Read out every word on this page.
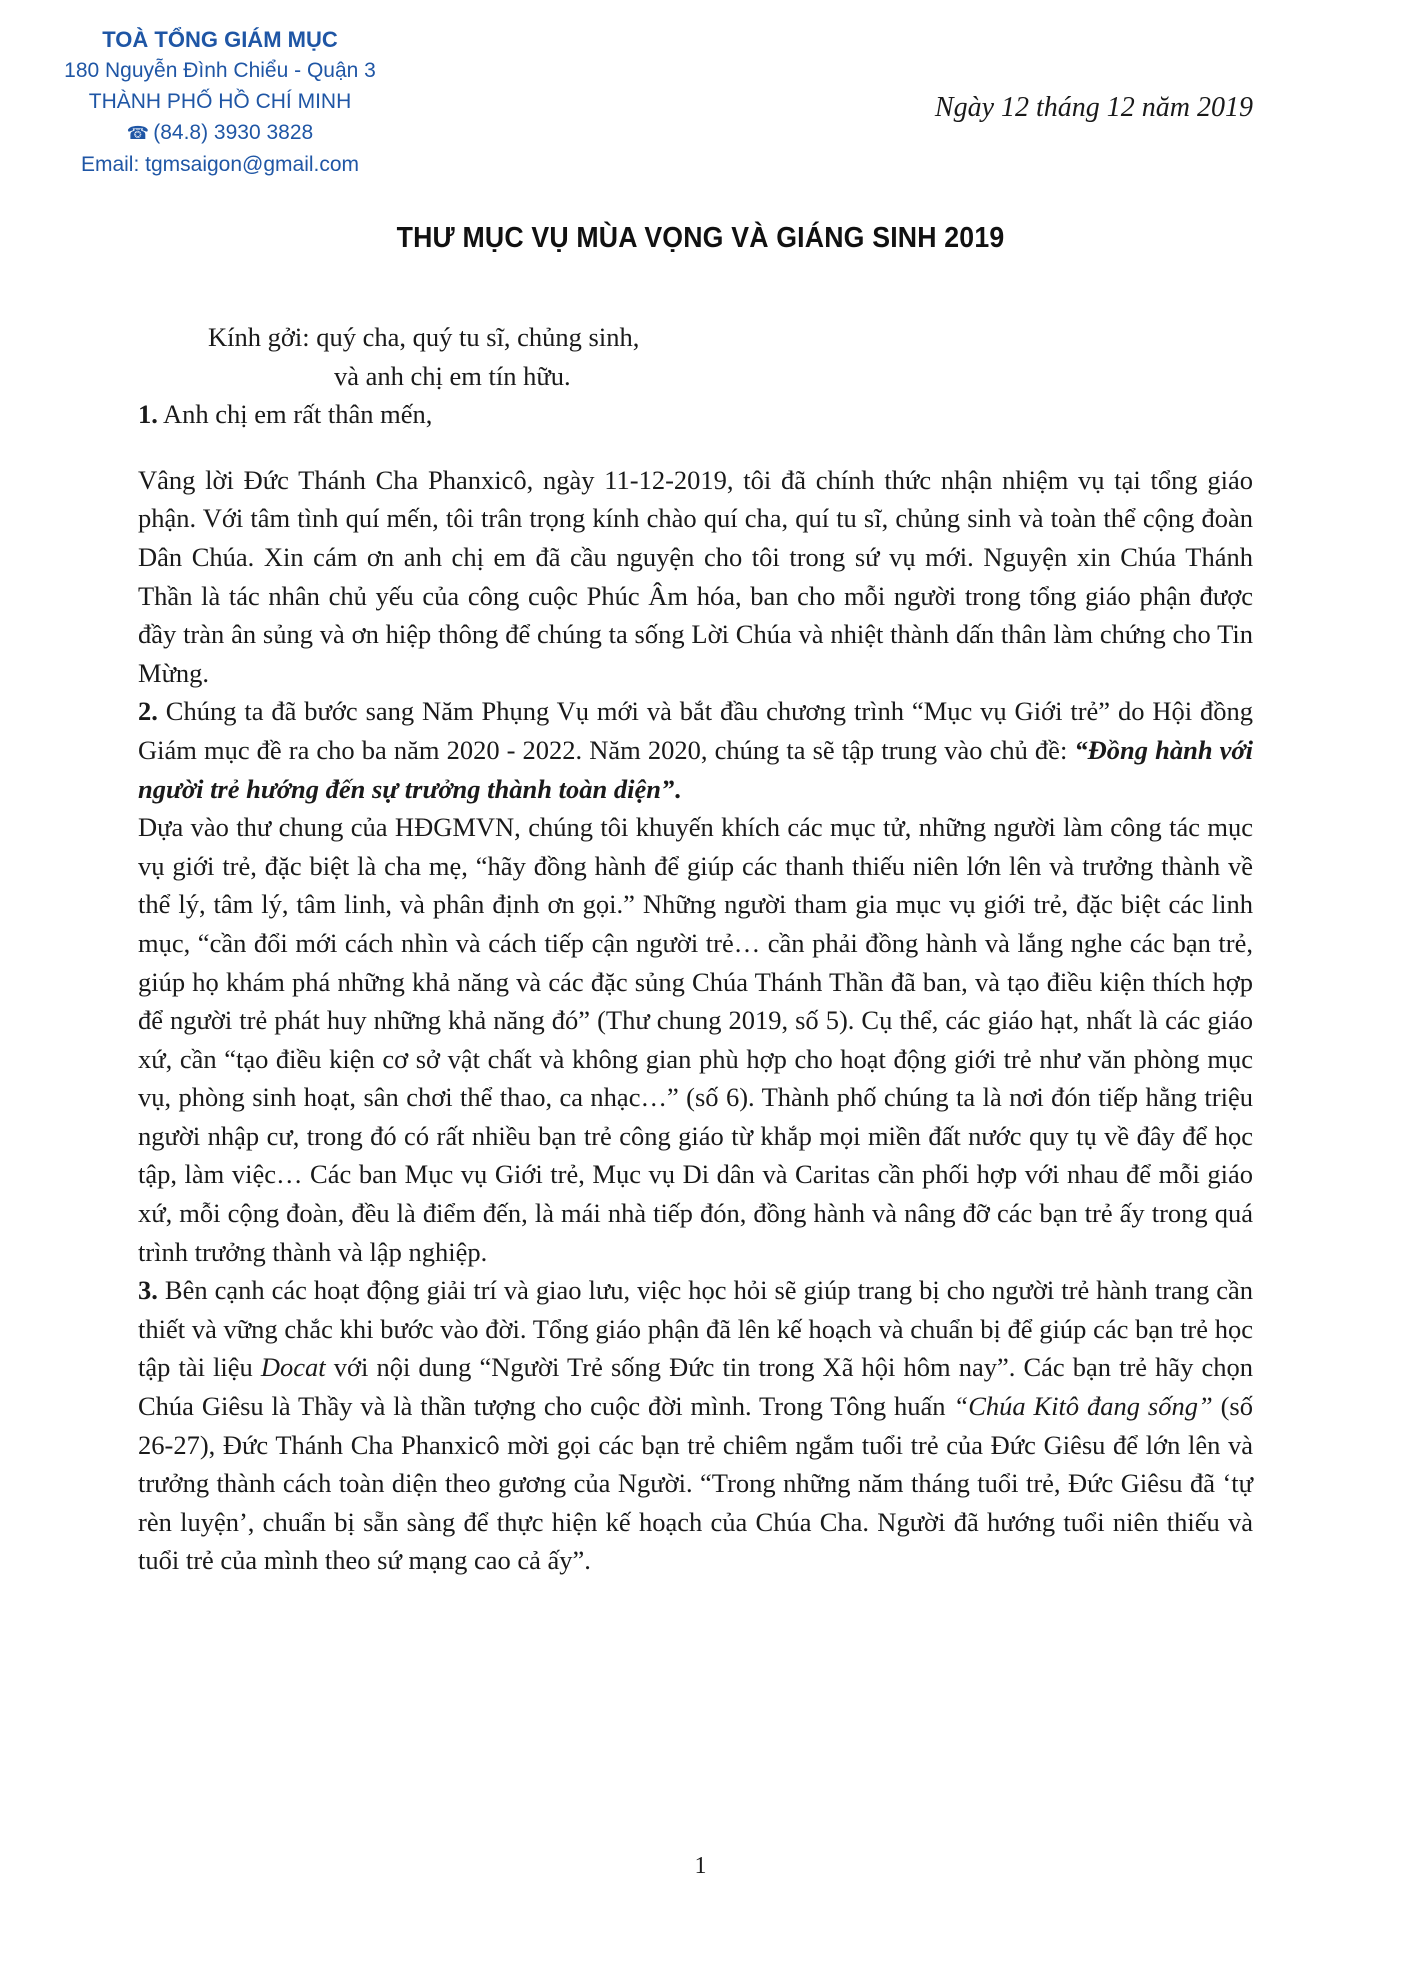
TOÀ TỔNG GIÁM MỤC
180 Nguyễn Đình Chiểu - Quận 3
THÀNH PHỐ HỒ CHÍ MINH
☎ (84.8) 3930 3828
Email: tgmsaigon@gmail.com
Ngày 12 tháng 12 năm 2019
THƯ MỤC VỤ MÙA VỌNG VÀ GIÁNG SINH 2019

Kính gởi: quý cha, quý tu sĩ, chủng sinh,

và anh chị em tín hữu.

1. Anh chị em rất thân mến,

Vâng lời Đức Thánh Cha Phanxicô, ngày 11-12-2019, tôi đã chính thức nhận nhiệm vụ tại tổng giáo phận. Với tâm tình quí mến, tôi trân trọng kính chào quí cha, quí tu sĩ, chủng sinh và toàn thể cộng đoàn Dân Chúa. Xin cám ơn anh chị em đã cầu nguyện cho tôi trong sứ vụ mới. Nguyện xin Chúa Thánh Thần là tác nhân chủ yếu của công cuộc Phúc Âm hóa, ban cho mỗi người trong tổng giáo phận được đầy tràn ân sủng và ơn hiệp thông để chúng ta sống Lời Chúa và nhiệt thành dấn thân làm chứng cho Tin Mừng.

2. Chúng ta đã bước sang Năm Phụng Vụ mới và bắt đầu chương trình “Mục vụ Giới trẻ” do Hội đồng Giám mục đề ra cho ba năm 2020 - 2022. Năm 2020, chúng ta sẽ tập trung vào chủ đề: “Đồng hành với người trẻ hướng đến sự trưởng thành toàn diện”.

Dựa vào thư chung của HĐGMVN, chúng tôi khuyến khích các mục tử, những người làm công tác mục vụ giới trẻ, đặc biệt là cha mẹ, “hãy đồng hành để giúp các thanh thiếu niên lớn lên và trưởng thành về thể lý, tâm lý, tâm linh, và phân định ơn gọi.” Những người tham gia mục vụ giới trẻ, đặc biệt các linh mục, “cần đổi mới cách nhìn và cách tiếp cận người trẻ… cần phải đồng hành và lắng nghe các bạn trẻ, giúp họ khám phá những khả năng và các đặc sủng Chúa Thánh Thần đã ban, và tạo điều kiện thích hợp để người trẻ phát huy những khả năng đó” (Thư chung 2019, số 5). Cụ thể, các giáo hạt, nhất là các giáo xứ, cần “tạo điều kiện cơ sở vật chất và không gian phù hợp cho hoạt động giới trẻ như văn phòng mục vụ, phòng sinh hoạt, sân chơi thể thao, ca nhạc…” (số 6). Thành phố chúng ta là nơi đón tiếp hằng triệu người nhập cư, trong đó có rất nhiều bạn trẻ công giáo từ khắp mọi miền đất nước quy tụ về đây để học tập, làm việc… Các ban Mục vụ Giới trẻ, Mục vụ Di dân và Caritas cần phối hợp với nhau để mỗi giáo xứ, mỗi cộng đoàn, đều là điểm đến, là mái nhà tiếp đón, đồng hành và nâng đỡ các bạn trẻ ấy trong quá trình trưởng thành và lập nghiệp.

3. Bên cạnh các hoạt động giải trí và giao lưu, việc học hỏi sẽ giúp trang bị cho người trẻ hành trang cần thiết và vững chắc khi bước vào đời. Tổng giáo phận đã lên kế hoạch và chuẩn bị để giúp các bạn trẻ học tập tài liệu Docat với nội dung “Người Trẻ sống Đức tin trong Xã hội hôm nay”. Các bạn trẻ hãy chọn Chúa Giêsu là Thầy và là thần tượng cho cuộc đời mình. Trong Tông huấn “Chúa Kitô đang sống” (số 26-27), Đức Thánh Cha Phanxicô mời gọi các bạn trẻ chiêm ngắm tuổi trẻ của Đức Giêsu để lớn lên và trưởng thành cách toàn diện theo gương của Người. “Trong những năm tháng tuổi trẻ, Đức Giêsu đã ‘tự rèn luyện’, chuẩn bị sẵn sàng để thực hiện kế hoạch của Chúa Cha. Người đã hướng tuổi niên thiếu và tuổi trẻ của mình theo sứ mạng cao cả ấy”.

1
